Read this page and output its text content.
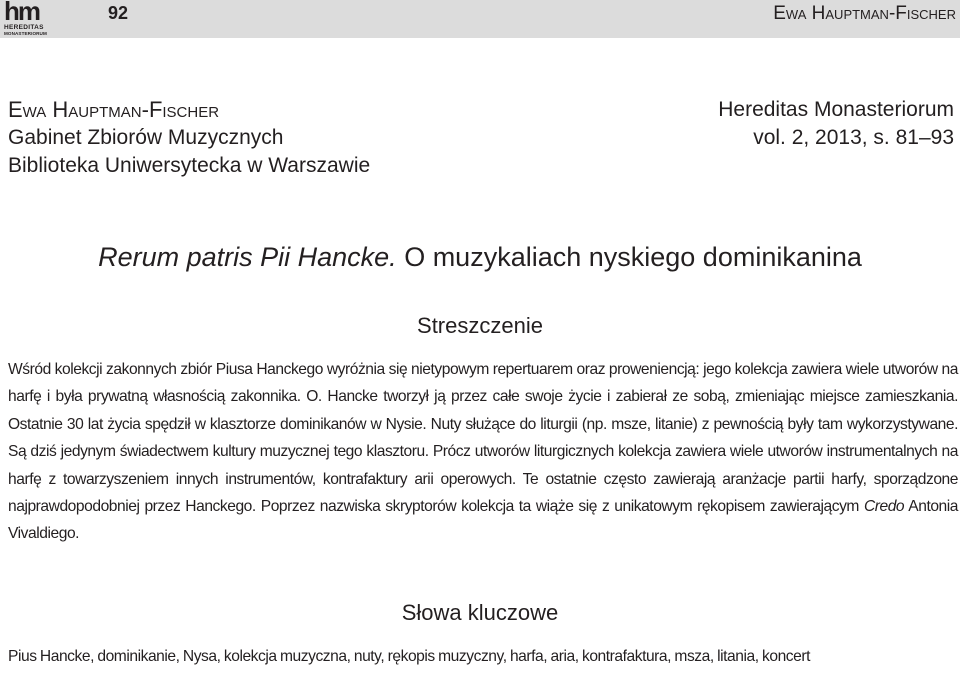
hm
HEREDITAS
MONASTERIORUM
92	Ewa Hauptman-Fischer
Ewa Hauptman-Fischer
Gabinet Zbiorów Muzycznych
Biblioteka Uniwersytecka w Warszawie
Hereditas Monasteriorum
vol. 2, 2013, s. 81–93
Rerum patris Pii Hancke. O muzykaliach nyskiego dominikanina
Streszczenie
Wśród kolekcji zakonnych zbiór Piusa Hanckego wyróżnia się nietypowym repertuarem oraz proweniencją: jego kolekcja zawiera wiele utworów na harfę i była prywatną własnością zakonnika. O. Hancke tworzył ją przez całe swoje życie i zabierał ze sobą, zmieniając miejsce zamieszkania. Ostatnie 30 lat życia spędził w klasztorze dominikanów w Nysie. Nuty służące do liturgii (np. msze, litanie) z pewnością były tam wykorzystywane. Są dziś jedynym świadectwem kultury muzycznej tego klasztoru. Prócz utworów liturgicznych kolekcja zawiera wiele utworów instrumentalnych na harfę z towarzyszeniem innych instrumentów, kontrafaktury arii operowych. Te ostatnie często zawierają aranżacje partii harfy, sporządzone najprawdopodobniej przez Hanckego. Poprzez nazwiska skryptorów kolekcja ta wiąże się z unikatowym rękopisem zawierającym Credo Antonia Vivaldiego.
Słowa kluczowe
Pius Hancke, dominikanie, Nysa, kolekcja muzyczna, nuty, rękopis muzyczny, harfa, aria, kontrafaktura, msza, litania, koncert
